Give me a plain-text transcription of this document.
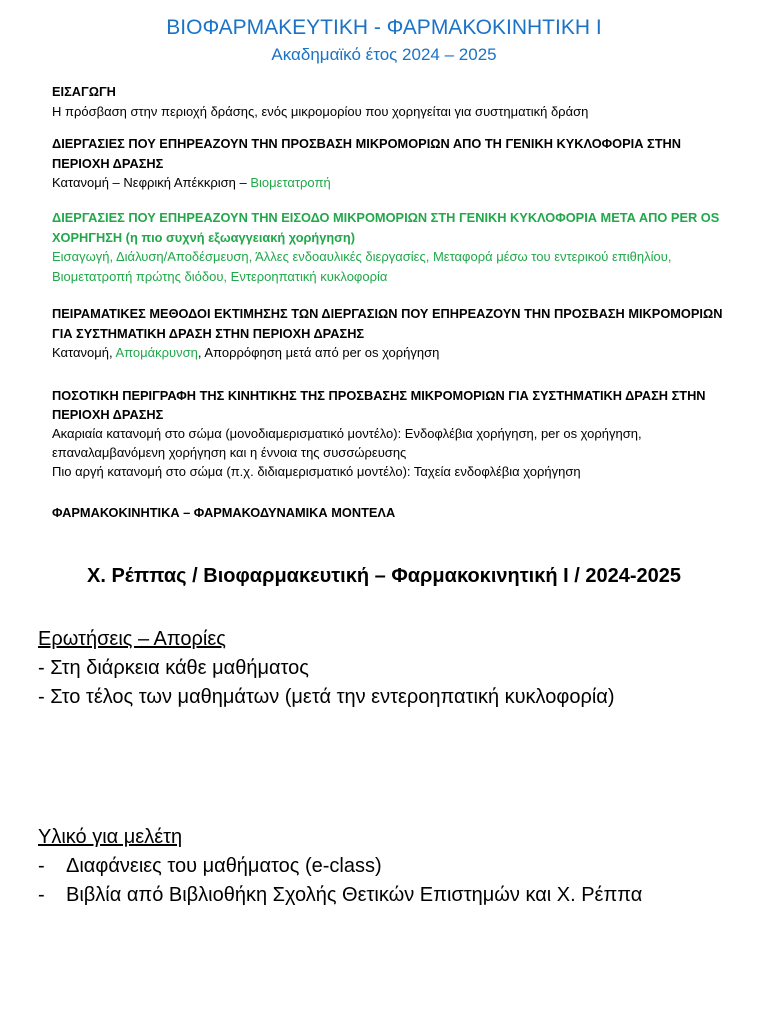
ΒΙΟΦΑΡΜΑΚΕΥΤΙΚΗ - ΦΑΡΜΑΚΟΚΙΝΗΤΙΚΗ Ι
Ακαδημαϊκό έτος 2024 – 2025
ΕΙΣΑΓΩΓΗ
Η πρόσβαση στην περιοχή δράσης, ενός μικρομορίου που χορηγείται για συστηματική δράση
ΔΙΕΡΓΑΣΙΕΣ ΠΟΥ ΕΠΗΡΕΑΖΟΥΝ ΤΗΝ ΠΡΟΣΒΑΣΗ ΜΙΚΡΟΜΟΡΙΩΝ ΑΠΟ ΤΗ ΓΕΝΙΚΗ ΚΥΚΛΟΦΟΡΙΑ ΣΤΗΝ ΠΕΡΙΟΧΗ ΔΡΑΣΗΣ
Κατανομή – Νεφρική Απέκκριση – Βιομετατροπή
ΔΙΕΡΓΑΣΙΕΣ ΠΟΥ ΕΠΗΡΕΑΖΟΥΝ ΤΗΝ ΕΙΣΟΔΟ ΜΙΚΡΟΜΟΡΙΩΝ ΣΤΗ ΓΕΝΙΚΗ ΚΥΚΛΟΦΟΡΙΑ ΜΕΤΑ ΑΠΟ PER OS ΧΟΡΗΓΗΣΗ (η πιο συχνή εξωαγγειακή χορήγηση)
Εισαγωγή, Διάλυση/Αποδέσμευση, Άλλες ενδοαυλικές διεργασίες, Μεταφορά μέσω του εντερικού επιθηλίου, Βιομετατροπή πρώτης διόδου, Εντεροηπατική κυκλοφορία
ΠΕΙΡΑΜΑΤΙΚΕΣ ΜΕΘΟΔΟΙ ΕΚΤΙΜΗΣΗΣ ΤΩΝ ΔΙΕΡΓΑΣΙΩΝ ΠΟΥ ΕΠΗΡΕΑΖΟΥΝ ΤΗΝ ΠΡΟΣΒΑΣΗ ΜΙΚΡΟΜΟΡΙΩΝ ΓΙΑ ΣΥΣΤΗΜΑΤΙΚΗ ΔΡΑΣΗ ΣΤΗΝ ΠΕΡΙΟΧΗ ΔΡΑΣΗΣ
Κατανομή, Απομάκρυνση, Απορρόφηση μετά από per os χορήγηση
ΠΟΣΟΤΙΚΗ ΠΕΡΙΓΡΑΦΗ ΤΗΣ ΚΙΝΗΤΙΚΗΣ ΤΗΣ ΠΡΟΣΒΑΣΗΣ ΜΙΚΡΟΜΟΡΙΩΝ ΓΙΑ ΣΥΣΤΗΜΑΤΙΚΗ ΔΡΑΣΗ ΣΤΗΝ ΠΕΡΙΟΧΗ ΔΡΑΣΗΣ
Ακαριαία κατανομή στο σώμα (μονοδιαμερισματικό μοντέλο): Ενδοφλέβια χορήγηση, per os χορήγηση, επαναλαμβανόμενη χορήγηση και η έννοια της συσσώρευσης
Πιο αργή κατανομή στο σώμα (π.χ. διδιαμερισματικό μοντέλο): Ταχεία ενδοφλέβια χορήγηση
ΦΑΡΜΑΚΟΚΙΝΗΤΙΚΑ – ΦΑΡΜΑΚΟΔΥΝΑΜΙΚΑ ΜΟΝΤΕΛΑ
Χ. Ρέππας / Βιοφαρμακευτική – Φαρμακοκινητική Ι / 2024-2025
Ερωτήσεις – Απορίες
- Στη διάρκεια κάθε μαθήματος
- Στο τέλος των μαθημάτων (μετά την εντεροηπατική κυκλοφορία)
Υλικό για μελέτη
- Διαφάνειες του μαθήματος (e-class)
- Βιβλία από Βιβλιοθήκη Σχολής Θετικών Επιστημών και Χ. Ρέππα
